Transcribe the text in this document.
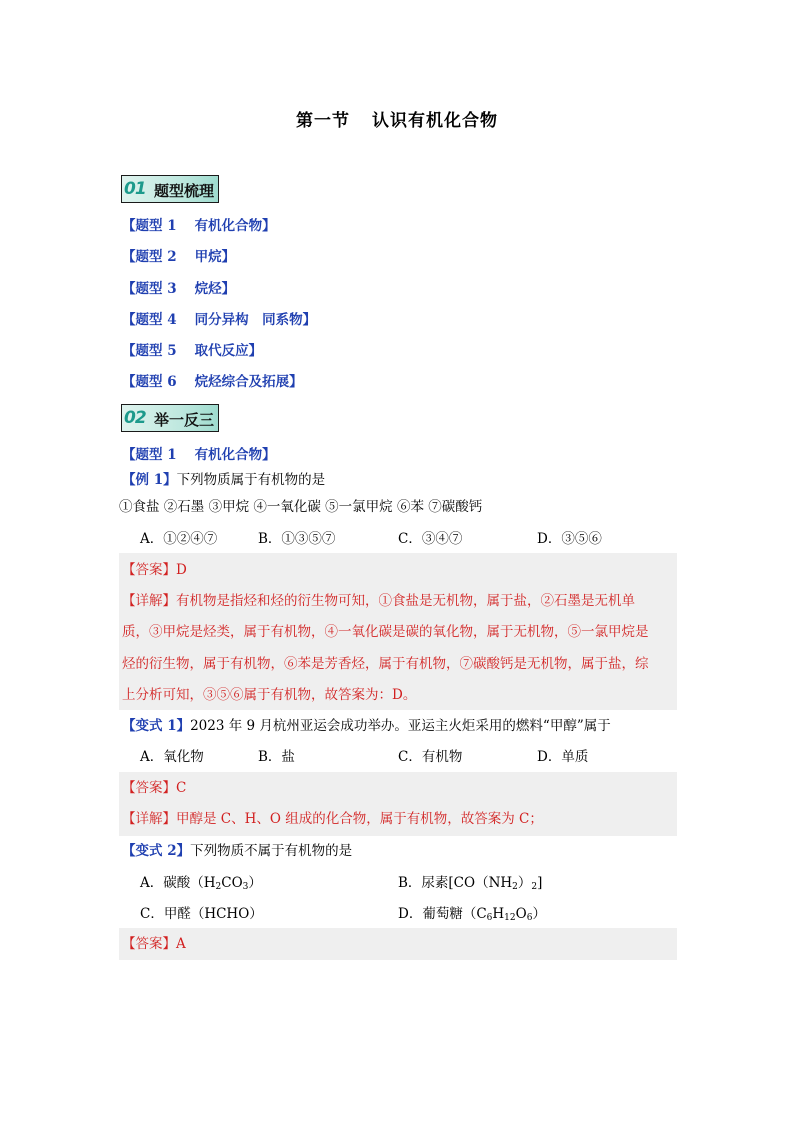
第一节 认识有机化合物
01 题型梳理
【题型 1 有机化合物】
【题型 2 甲烷】
【题型 3 烷烃】
【题型 4 同分异构　同系物】
【题型 5 取代反应】
【题型 6 烷烃综合及拓展】
02 举一反三
【题型 1 有机化合物】
【例 1】下列物质属于有机物的是
①食盐 ②石墨 ③甲烷 ④一氧化碳 ⑤一氯甲烷 ⑥苯 ⑦碳酸钙
A．①②④⑦	B．①③⑤⑦	C．③④⑦	D．③⑤⑥
【答案】D
【详解】有机物是指烃和烃的衍生物可知，①食盐是无机物，属于盐，②石墨是无机单
质，③甲烷是烃类，属于有机物，④一氧化碳是碳的氧化物，属于无机物，⑤一氯甲烷是
烃的衍生物，属于有机物，⑥苯是芳香烃，属于有机物，⑦碳酸钙是无机物，属于盐，综
上分析可知，③⑤⑥属于有机物，故答案为：D。
【变式 1】2023 年 9 月杭州亚运会成功举办。亚运主火炬采用的燃料“甲醇”属于
A．氧化物	B．盐	C．有机物	D．单质
【答案】C
【详解】甲醇是 C、H、O 组成的化合物，属于有机物，故答案为 C；
【变式 2】下列物质不属于有机物的是
A．碳酸$(H_2CO_3)$	B．尿素$[CO(NH_2)_2]$
C．甲醛（HCHO）	D．葡萄糖$(C_6H_{12}O_6)$
【答案】A
